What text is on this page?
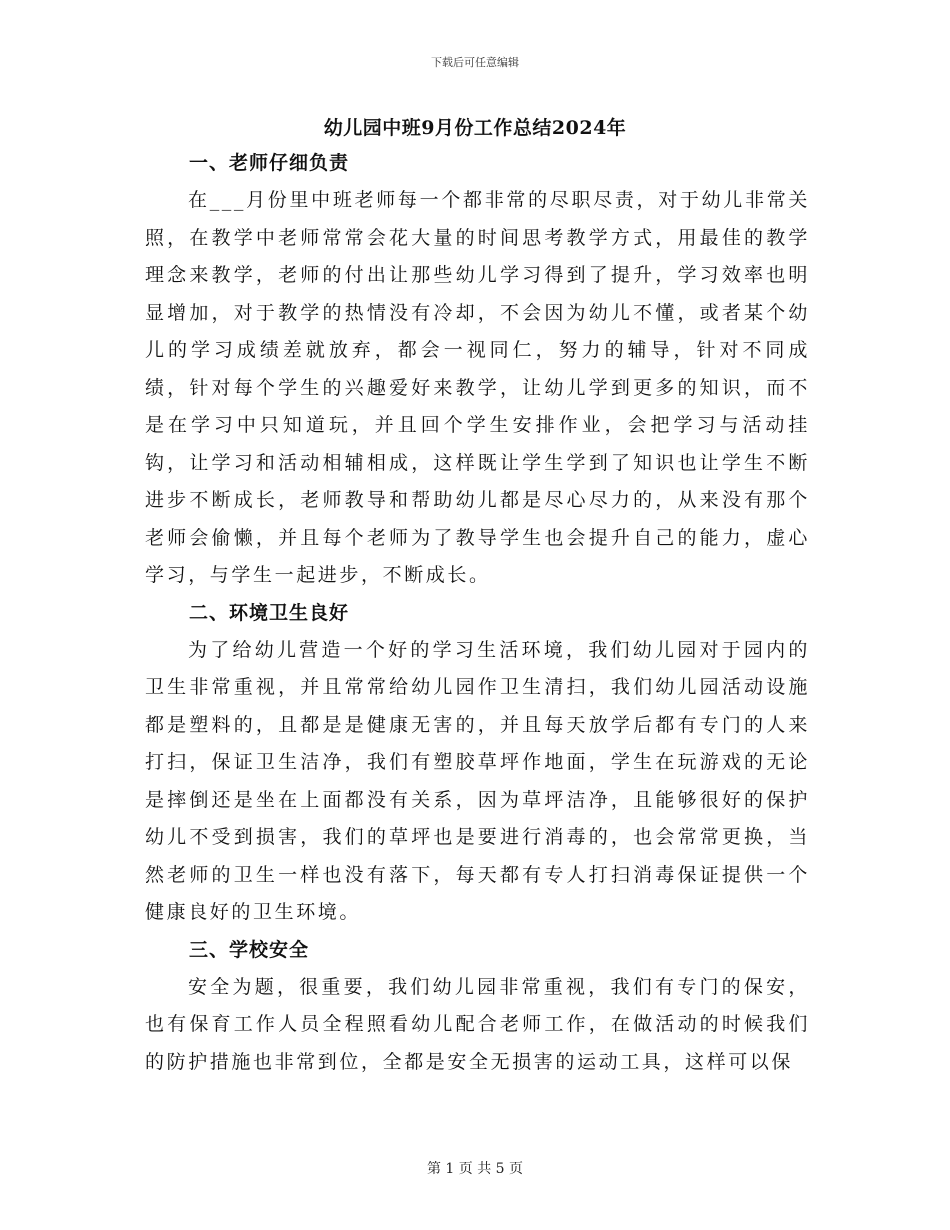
下载后可任意编辑
幼儿园中班9月份工作总结2024年
一、老师仔细负责

在___月份里中班老师每一个都非常的尽职尽责，对于幼儿非常关照，在教学中老师常常会花大量的时间思考教学方式，用最佳的教学理念来教学，老师的付出让那些幼儿学习得到了提升，学习效率也明显增加，对于教学的热情没有冷却，不会因为幼儿不懂，或者某个幼儿的学习成绩差就放弃，都会一视同仁，努力的辅导，针对不同成绩，针对每个学生的兴趣爱好来教学，让幼儿学到更多的知识，而不是在学习中只知道玩，并且回个学生安排作业，会把学习与活动挂钩，让学习和活动相辅相成，这样既让学生学到了知识也让学生不断进步不断成长，老师教导和帮助幼儿都是尽心尽力的，从来没有那个老师会偷懒，并且每个老师为了教导学生也会提升自己的能力，虚心学习，与学生一起进步，不断成长。

二、环境卫生良好

为了给幼儿营造一个好的学习生活环境，我们幼儿园对于园内的卫生非常重视，并且常常给幼儿园作卫生清扫，我们幼儿园活动设施都是塑料的，且都是是健康无害的，并且每天放学后都有专门的人来打扫，保证卫生洁净，我们有塑胶草坪作地面，学生在玩游戏的无论是摔倒还是坐在上面都没有关系，因为草坪洁净，且能够很好的保护幼儿不受到损害，我们的草坪也是要进行消毒的，也会常常更换，当然老师的卫生一样也没有落下，每天都有专人打扫消毒保证提供一个健康良好的卫生环境。

三、学校安全

安全为题，很重要，我们幼儿园非常重视，我们有专门的保安，也有保育工作人员全程照看幼儿配合老师工作，在做活动的时候我们的防护措施也非常到位，全都是安全无损害的运动工具，这样可以保

第 1 页 共 5 页
